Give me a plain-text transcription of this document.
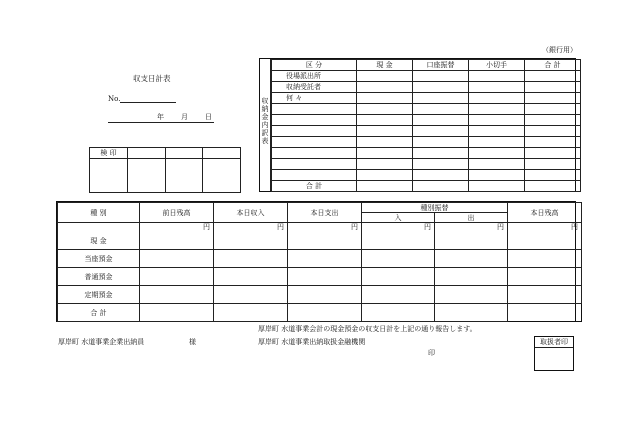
（銀行用）
収支日計表
No.
年 月 日
検 印			

収納金内訳表
区 分	現 金	口座振替	小切手	合 計
役場派出所				
収納受託者				
何 々				

合 計				
種 別	前日残高	本日収入	本日支出	種別振替		本日残高
				入	出	
現 金	円	円	円	円	円	円
当座預金						
普通預金						
定期預金						
合 計						
厚岸町 水道事業会計の現金預金の収支日計を上記の通り報告します。
厚岸町 水道事業企業出納員	様	厚岸町 水道事業出納取扱金融機関
印
取扱者印
